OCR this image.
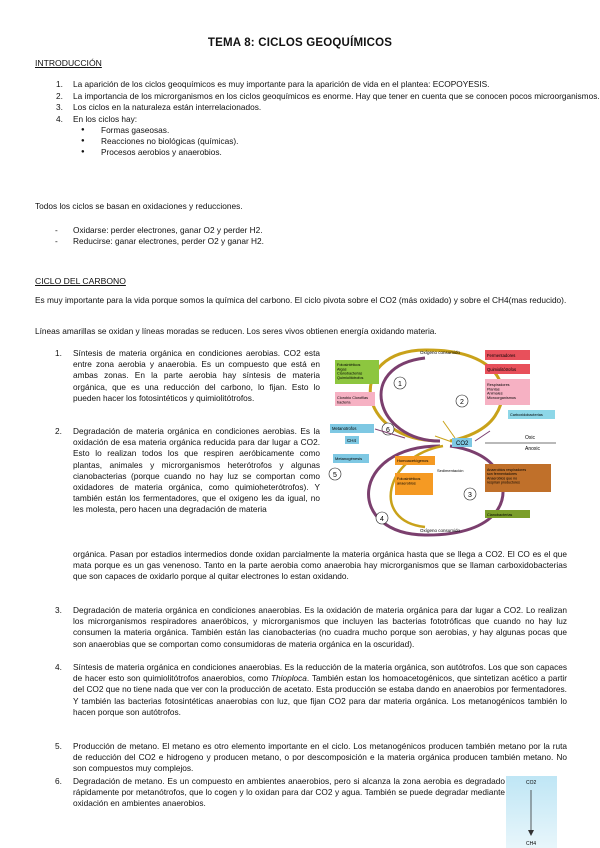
TEMA 8: CICLOS GEOQUÍMICOS
INTRODUCCIÓN
La aparición de los ciclos geoquímicos es muy importante para la aparición de vida en el plantea: ECOPOYESIS.
La importancia de los microrganismos en los ciclos geoquímicos es enorme. Hay que tener en cuenta que se conocen pocos microorganismos.
Los ciclos en la naturaleza están interrelacionados.
En los ciclos hay:
● Formas gaseosas.
● Reacciones no biológicas (químicas).
● Procesos aerobios y anaerobios.
Todos los ciclos se basan en oxidaciones y reducciones.
- Oxidarse: perder electrones, ganar O2 y perder H2.
- Reducirse: ganar electrones, perder O2 y ganar H2.
CICLO DEL CARBONO
Es muy importante para la vida porque somos la química del carbono. El ciclo pivota sobre el CO2 (más oxidado) y sobre el CH4(mas reducido).
Líneas amarillas se oxidan y líneas moradas se reducen. Los seres vivos obtienen energía oxidando materia.
1. Síntesis de materia orgánica en condiciones aerobias. CO2 esta entre zona aerobia y anaerobia. Es un compuesto que está en ambas zonas. En la parte aerobia hay síntesis de materia orgánica, que es una reducción del carbono, lo fijan. Esto lo pueden hacer los fotosintéticos y quimiolitótrofos.
2. Degradación de materia orgánica en condiciones aerobias. Es la oxidación de esa materia orgánica reducida para dar lugar a CO2. Esto lo realizan todos los que respiren aeróbicamente como plantas, animales y microrganismos heterótrofos y algunas cianobacterias (porque cuando no hay luz se comportan como oxidadores de materia orgánica, como quimioheterótrofos). Y también están los fermentadores, que el oxigeno les da igual, no les molesta, pero hacen una degradación de materia
orgánica. Pasan por estadios intermedios donde oxidan parcialmente la materia orgánica hasta que se llega a CO2. El CO es el que mata porque es un gas venenoso. Tanto en la parte aerobia como anaerobia hay microrganismos que se llaman carboxidobacterias que son capaces de oxidarlo porque al quitar electrones lo estan oxidando.
3. Degradación de materia orgánica en condiciones anaerobias. Es la oxidación de materia orgánica para dar lugar a CO2. Lo realizan los microrganismos respiradores anaeróbicos, y microrganismos que incluyen las bacterias fototróficas que cuando no hay luz consumen la materia orgánica. También están las cianobacterias (no cuadra mucho porque son aerobias, y hay algunas pocas que son anaerobias que se comportan como consumidoras de materia orgánica en la oscuridad).
4. Síntesis de materia orgánica en condiciones anaerobias. Es la reducción de la materia orgánica, son autótrofos. Los que son capaces de hacer esto son quimiolitótrofos anaerobios, como Thioploca. También estan los homoacetogénicos, que sintetizan acético a partir del CO2 que no tiene nada que ver con la producción de acetato. Esta producción se estaba dando en anaerobios por fermentadores. Y también las bacterias fotosintéticas anaerobias con luz, que fijan CO2 para dar materia orgánica. Los metanogénicos también lo hacen porque son autótrofos.
5. Producción de metano. El metano es otro elemento importante en el ciclo. Los metanogénicos producen también metano por la ruta de reducción del CO2 e hidrogeno y producen metano, o por descomposición e la materia orgánica producen también metano. No son compuestos muy complejos.
6. Degradación de metano. Es un compuesto en ambientes anaerobios, pero si alcanza la zona aerobia es degradado rápidamente por metanótrofos, que lo cogen y lo oxidan para dar CO2 y agua. También se puede degradar mediante oxidación en ambientes anaerobios.
Oxic
Anoxic
CO2
Oxígeno consumido
Oxígeno consumido
Fotosintéticos Algas Cianobacterias Quimiolitótrofos
Clorobio Clorofilas bacteria
Metanotrofos
CH4
Metanogénesis
Fermentadores
Quimiolitótrofos
Respiradores Plantas Animales Microorganismos
Carboxidobacterias
Anaerobios respiradores son fermentadores Anaerobios que no respiran productores
Cianobacterias
Homoacetógenos
Fotosintéticos anaerobios
Sedimentación
1
2
3
4
5
6
CO2
CH4
